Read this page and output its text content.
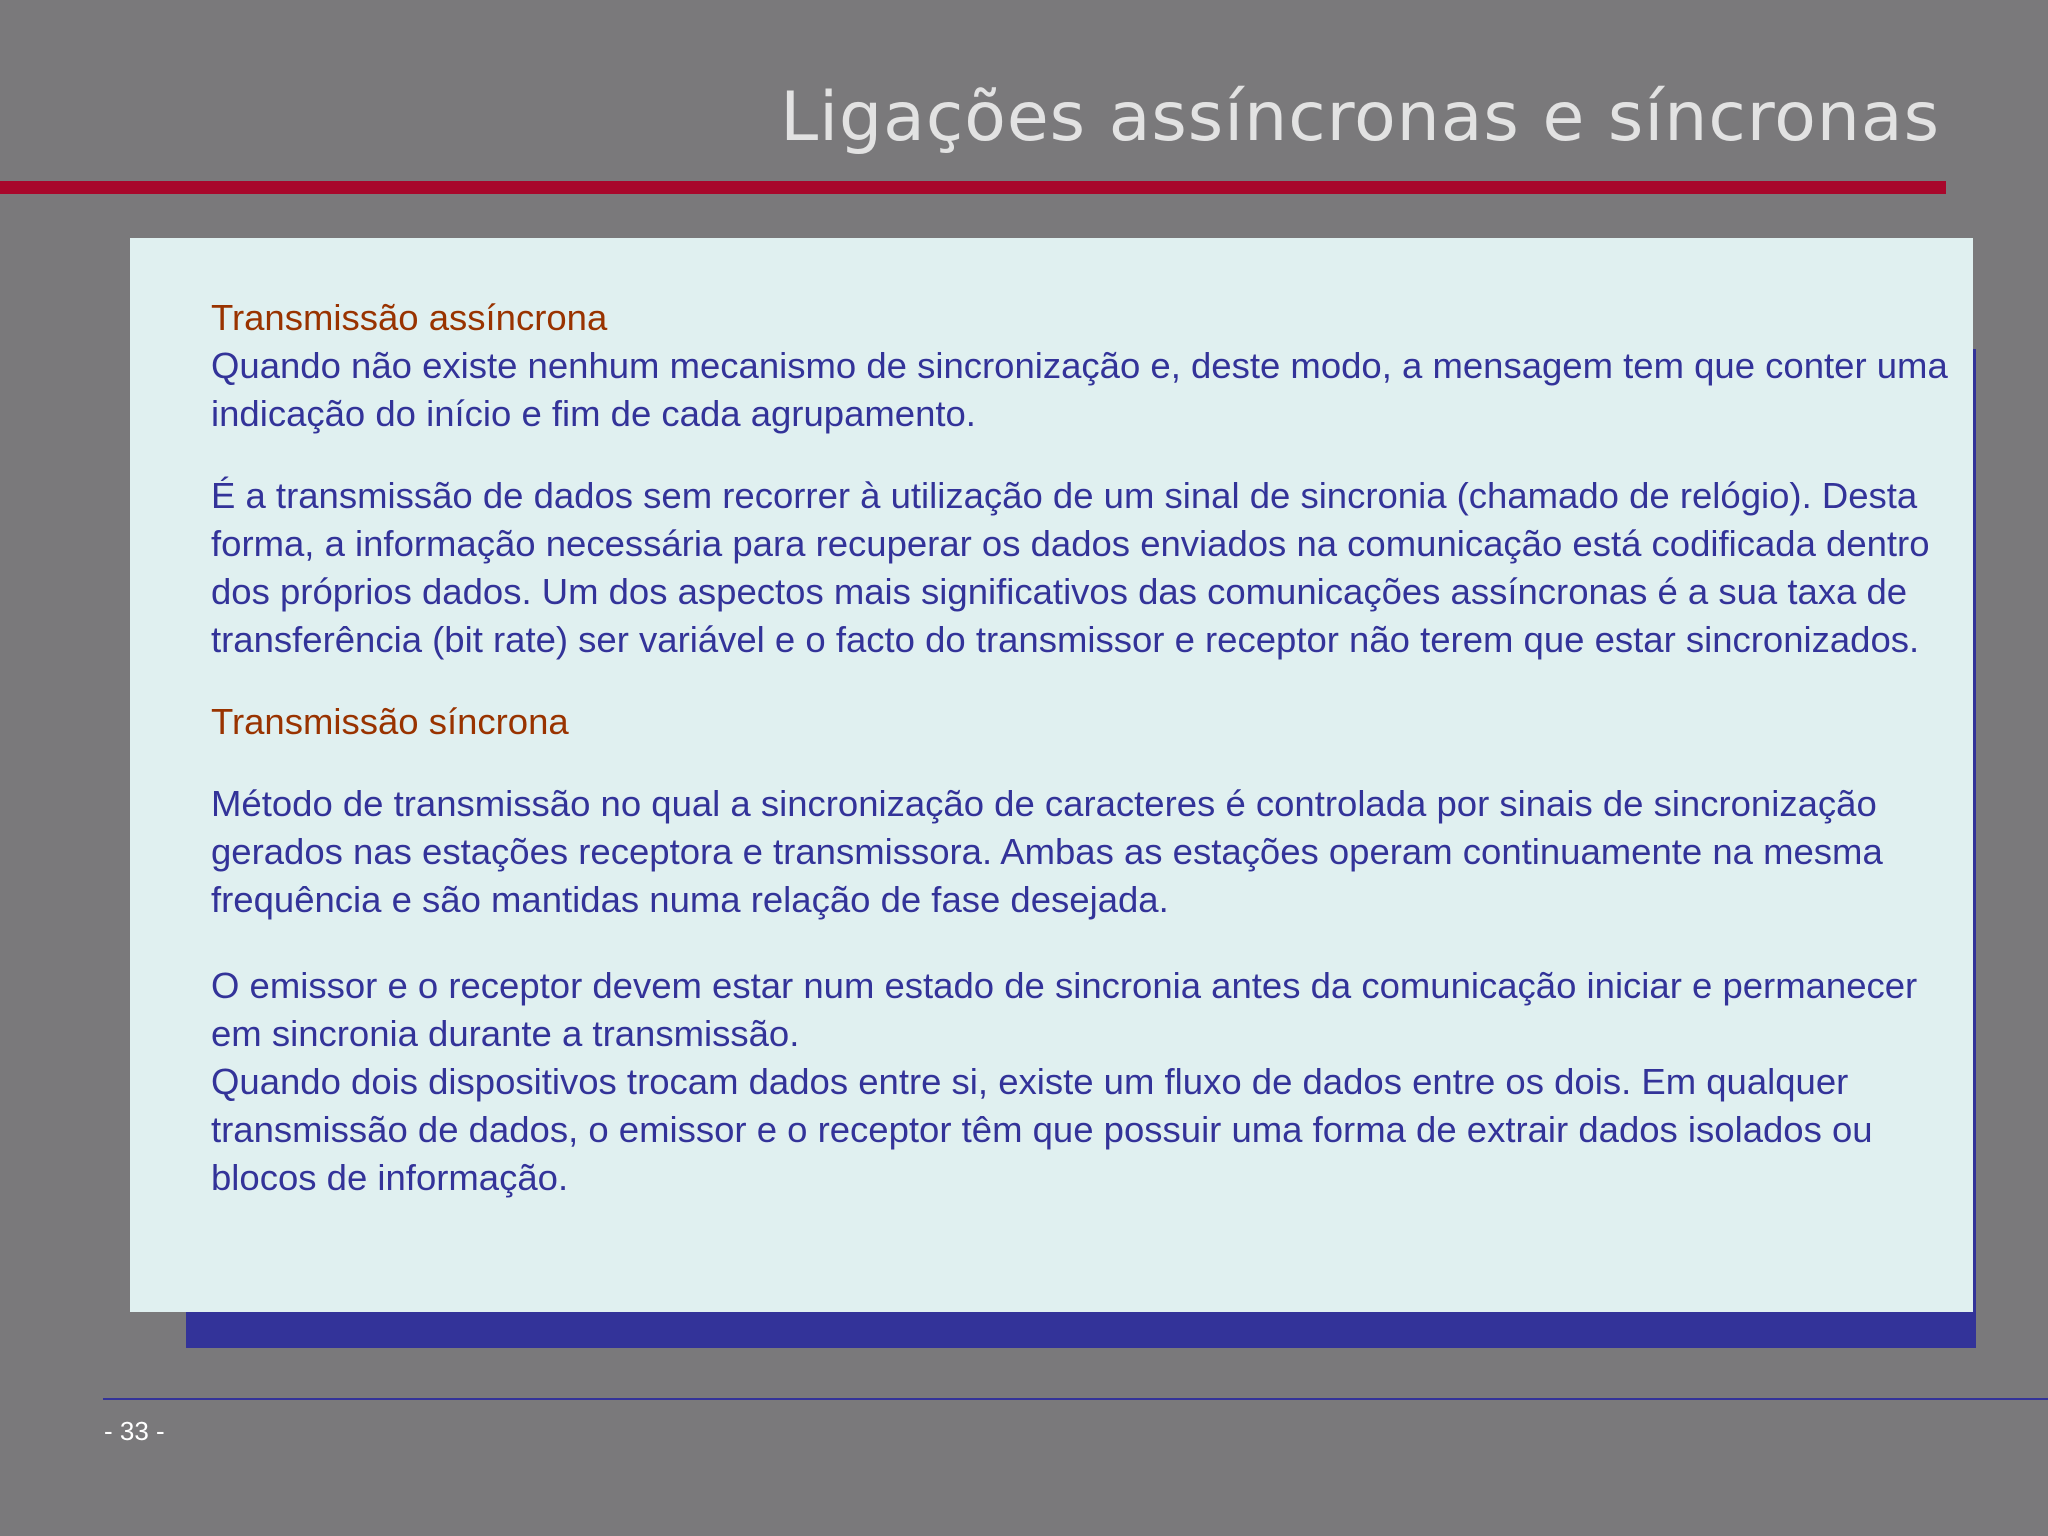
Ligações assíncronas e síncronas

Transmissão assíncrona

Quando não existe nenhum mecanismo de sincronização e, deste modo, a mensagem tem que conter uma indicação do início e fim de cada agrupamento.

É a transmissão de dados sem recorrer à utilização de um sinal de sincronia (chamado de relógio). Desta forma, a informação necessária para recuperar os dados enviados na comunicação está codificada dentro dos próprios dados. Um dos aspectos mais significativos das comunicações assíncronas é a sua taxa de transferência (bit rate) ser variável e o facto do transmissor e receptor não terem que estar sincronizados.

Transmissão síncrona

Método de transmissão no qual a sincronização de caracteres é controlada por sinais de sincronização gerados nas estações receptora e transmissora. Ambas as estações operam continuamente na mesma frequência e são mantidas numa relação de fase desejada.

O emissor e o receptor devem estar num estado de sincronia antes da comunicação iniciar e permanecer em sincronia durante a transmissão.

Quando dois dispositivos trocam dados entre si, existe um fluxo de dados entre os dois. Em qualquer transmissão de dados, o emissor e o receptor têm que possuir uma forma de extrair dados isolados ou blocos de informação.

- 33 -
